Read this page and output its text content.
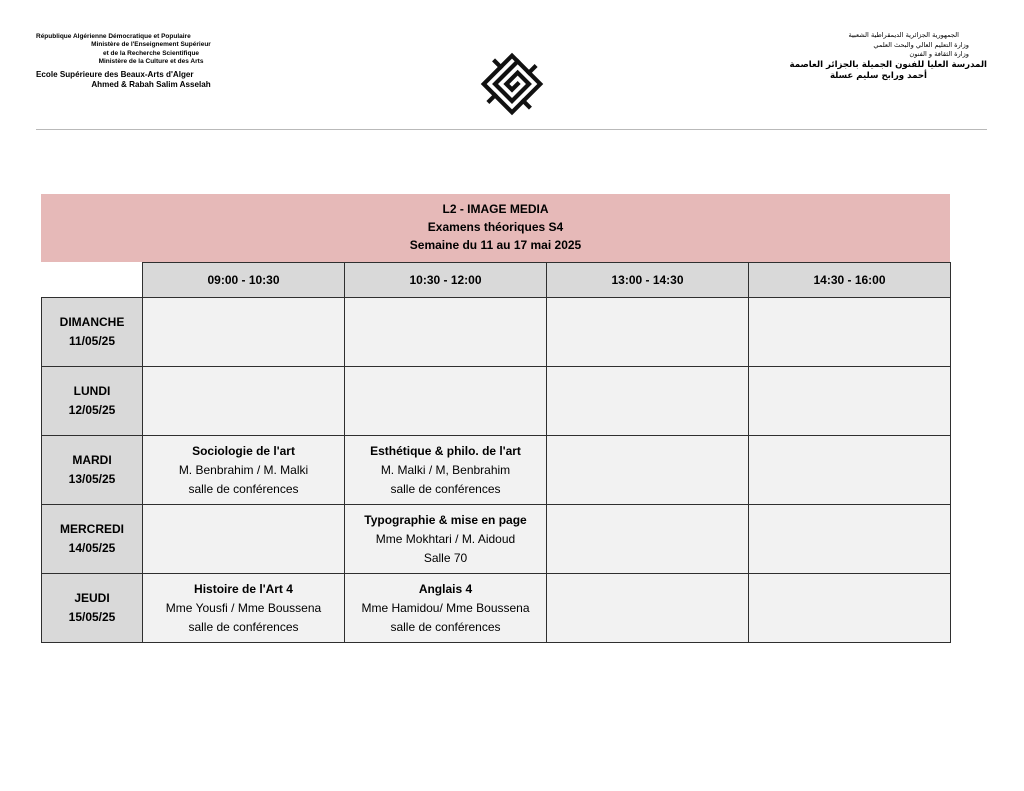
République Algérienne Démocratique et Populaire
Ministère de l'Enseignement Supérieur
et de la Recherche Scientifique
Ministère de la Culture et des Arts
Ecole Supérieure des Beaux-Arts d'Alger
Ahmed & Rabah Salim Asselah
الجمهورية الجزائرية الديمقراطية الشعبية
وزارة التعليم العالي والبحث العلمي
وزارة الثقافة و الفنون
المدرسة العليا للفنون الجميلة بالجزائر العاصمة
أحمد ورابح سليم عسلة
L2 - IMAGE MEDIA
Examens théoriques S4
Semaine du 11 au 17 mai 2025
	09:00 - 10:30	10:30 - 12:00	13:00 - 14:30	14:30 - 16:00

DIMANCHE
11/05/25				

LUNDI
12/05/25				

MARDI
13/05/25	Sociologie de l'art
M. Benbrahim / M. Malki
salle de conférences	Esthétique & philo. de l'art
M. Malki / M, Benbrahim
salle de conférences		

MERCREDI
14/05/25		Typographie & mise en page
Mme Mokhtari / M. Aidoud
Salle 70		

JEUDI
15/05/25	Histoire de l'Art 4
Mme Yousfi / Mme Boussena
salle de conférences	Anglais 4
Mme Hamidou/ Mme Boussena
salle de conférences		
